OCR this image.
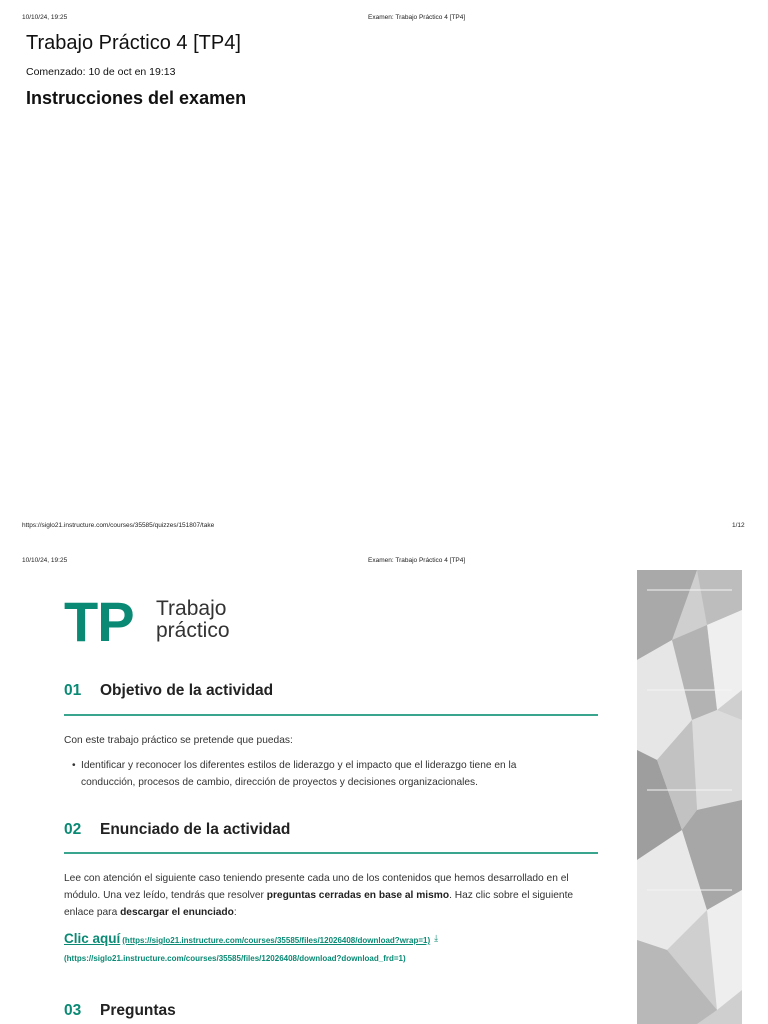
10/10/24, 19:25	Examen: Trabajo Práctico 4 [TP4]
Trabajo Práctico 4 [TP4]
Comenzado: 10 de oct en 19:13
Instrucciones del examen
https://siglo21.instructure.com/courses/35585/quizzes/151807/take	1/12
10/10/24, 19:25	Examen: Trabajo Práctico 4 [TP4]
TP Trabajo
práctico
01 Objetivo de la actividad
Con este trabajo práctico se pretende que puedas:
• Identificar y reconocer los diferentes estilos de liderazgo y el impacto que el liderazgo tiene en la conducción, procesos de cambio, dirección de proyectos y decisiones organizacionales.
02 Enunciado de la actividad
Lee con atención el siguiente caso teniendo presente cada uno de los contenidos que hemos desarrollado en el módulo. Una vez leído, tendrás que resolver preguntas cerradas en base al mismo. Haz clic sobre el siguiente enlace para descargar el enunciado:
Clic aquí (https://siglo21.instructure.com/courses/35585/files/12026408/download?wrap=1) ⤓
(https://siglo21.instructure.com/courses/35585/files/12026408/download?download_frd=1)
03 Preguntas
